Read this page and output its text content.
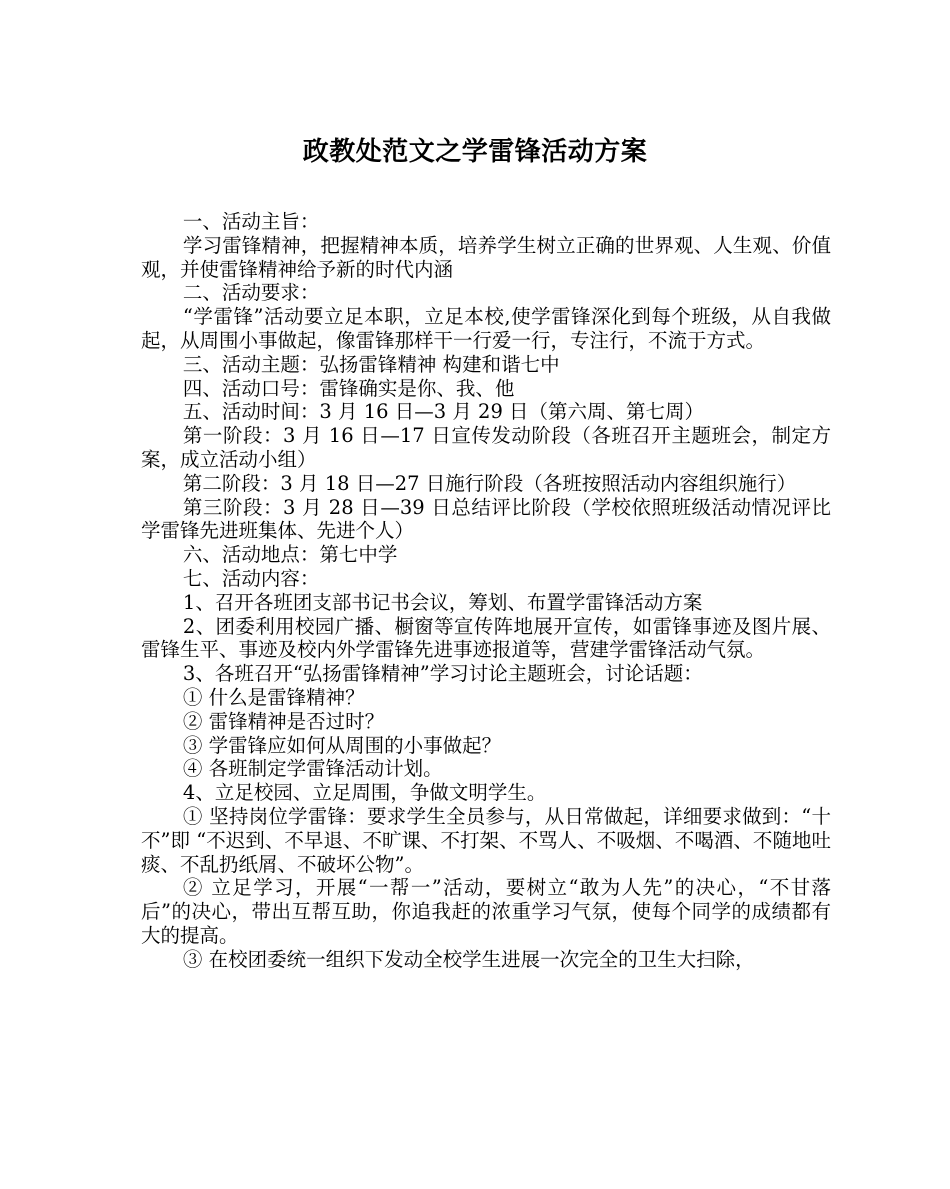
政教处范文之学雷锋活动方案

一、活动主旨：

学习雷锋精神，把握精神本质，培养学生树立正确的世界观、人生观、价值观，并使雷锋精神给予新的时代内涵

二、活动要求：

“学雷锋”活动要立足本职，立足本校,使学雷锋深化到每个班级，从自我做起，从周围小事做起，像雷锋那样干一行爱一行，专注行，不流于方式。

三、活动主题：弘扬雷锋精神 构建和谐七中

四、活动口号：雷锋确实是你、我、他

五、活动时间：3 月 16 日—3 月 29 日（第六周、第七周）

第一阶段：3 月 16 日—17 日宣传发动阶段（各班召开主题班会，制定方案，成立活动小组）

第二阶段：3 月 18 日—27 日施行阶段（各班按照活动内容组织施行）

第三阶段：3 月 28 日—39 日总结评比阶段（学校依照班级活动情况评比学雷锋先进班集体、先进个人）

六、活动地点：第七中学

七、活动内容：

1、召开各班团支部书记书会议，筹划、布置学雷锋活动方案

2、团委利用校园广播、橱窗等宣传阵地展开宣传，如雷锋事迹及图片展、雷锋生平、事迹及校内外学雷锋先进事迹报道等，营建学雷锋活动气氛。

3、各班召开“弘扬雷锋精神”学习讨论主题班会，讨论话题：

① 什么是雷锋精神？

② 雷锋精神是否过时？

③ 学雷锋应如何从周围的小事做起？

④ 各班制定学雷锋活动计划。

4、立足校园、立足周围，争做文明学生。

① 坚持岗位学雷锋：要求学生全员参与，从日常做起，详细要求做到：“十不”即 “不迟到、不早退、不旷课、不打架、不骂人、不吸烟、不喝酒、不随地吐痰、不乱扔纸屑、不破坏公物”。

② 立足学习，开展“一帮一”活动，要树立“敢为人先”的决心，“不甘落后”的决心，带出互帮互助，你追我赶的浓重学习气氛，使每个同学的成绩都有大的提高。

③ 在校团委统一组织下发动全校学生进展一次完全的卫生大扫除，
